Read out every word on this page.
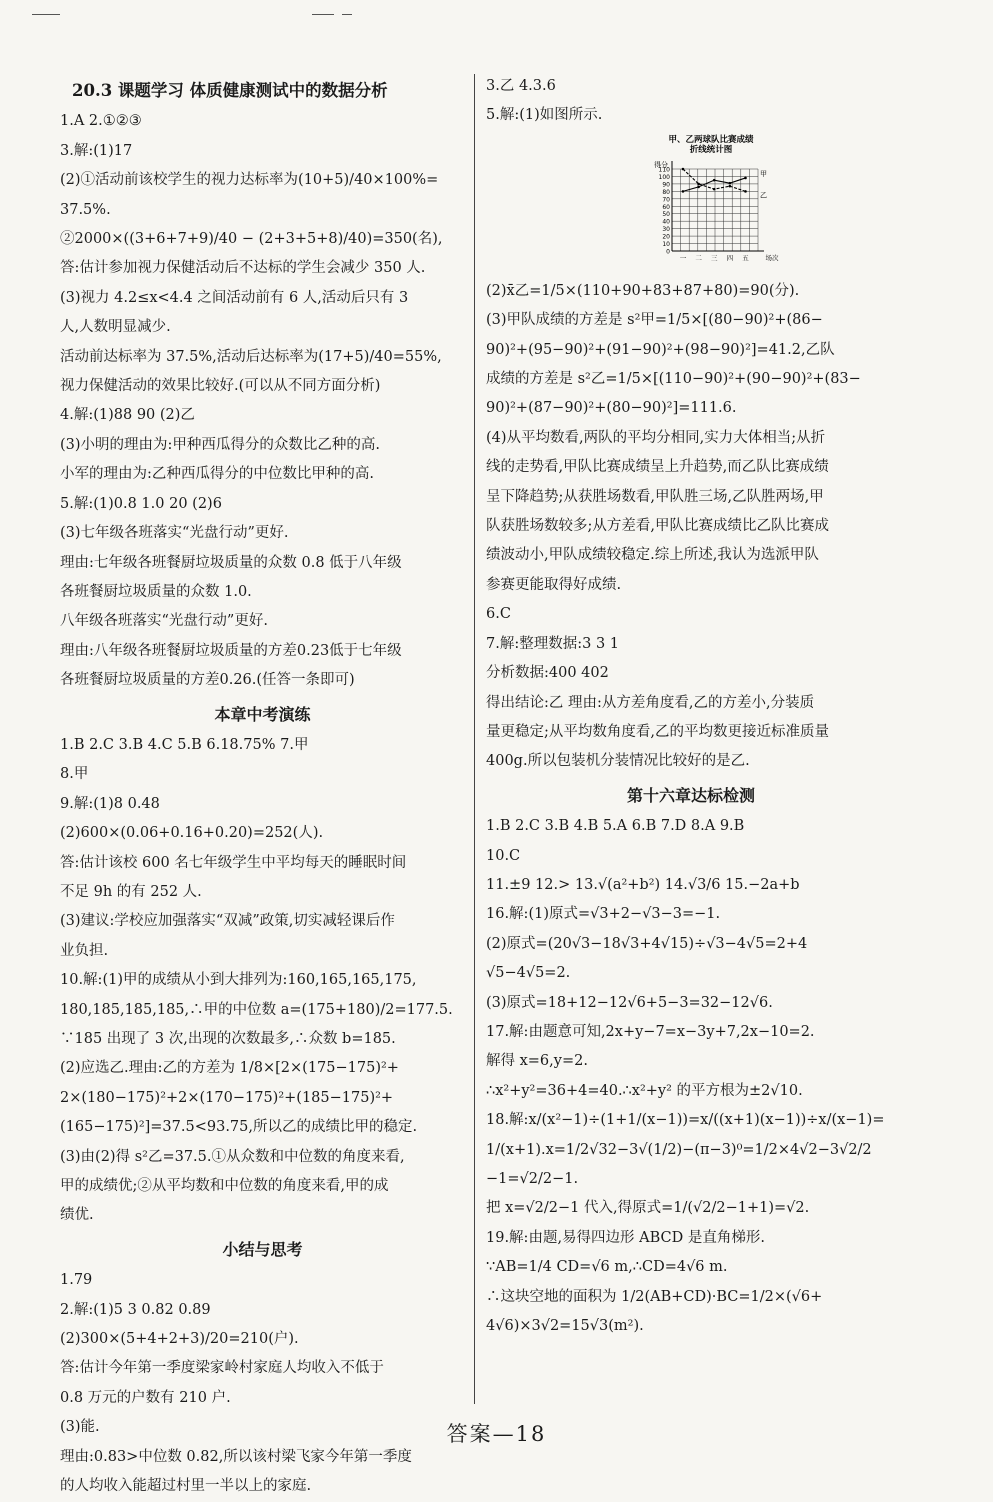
20.3 课题学习 体质健康测试中的数据分析
1.A 2.①②③
3.解:(1)17
(2)①活动前该校学生的视力达标率为(10+5)/40×100%=
37.5%.
②2000×((3+6+7+9)/40 − (2+3+5+8)/40)=350(名),
答:估计参加视力保健活动后不达标的学生会减少 350 人.
(3)视力 4.2≤x<4.4 之间活动前有 6 人,活动后只有 3
人,人数明显减少.
活动前达标率为 37.5%,活动后达标率为(17+5)/40=55%,
视力保健活动的效果比较好.(可以从不同方面分析)
4.解:(1)88 90 (2)乙
(3)小明的理由为:甲种西瓜得分的众数比乙种的高.
小军的理由为:乙种西瓜得分的中位数比甲种的高.
5.解:(1)0.8 1.0 20 (2)6
(3)七年级各班落实“光盘行动”更好.
理由:七年级各班餐厨垃圾质量的众数 0.8 低于八年级
各班餐厨垃圾质量的众数 1.0.
八年级各班落实“光盘行动”更好.
理由:八年级各班餐厨垃圾质量的方差0.23低于七年级
各班餐厨垃圾质量的方差0.26.(任答一条即可)
本章中考演练
1.B 2.C 3.B 4.C 5.B 6.18.75% 7.甲
8.甲
9.解:(1)8 0.48
(2)600×(0.06+0.16+0.20)=252(人).
答:估计该校 600 名七年级学生中平均每天的睡眠时间
不足 9h 的有 252 人.
(3)建议:学校应加强落实“双减”政策,切实减轻课后作
业负担.
10.解:(1)甲的成绩从小到大排列为:160,165,165,175,
180,185,185,185,∴甲的中位数 a=(175+180)/2=177.5.
∵185 出现了 3 次,出现的次数最多,∴众数 b=185.
(2)应选乙.理由:乙的方差为 1/8×[2×(175−175)²+
2×(180−175)²+2×(170−175)²+(185−175)²+
(165−175)²]=37.5<93.75,所以乙的成绩比甲的稳定.
(3)由(2)得 s²乙=37.5.①从众数和中位数的角度来看,
甲的成绩优;②从平均数和中位数的角度来看,甲的成
绩优.
小结与思考
1.79
2.解:(1)5 3 0.82 0.89
(2)300×(5+4+2+3)/20=210(户).
答:估计今年第一季度梁家岭村家庭人均收入不低于
0.8 万元的户数有 210 户.
(3)能.
理由:0.83>中位数 0.82,所以该村梁飞家今年第一季度
的人均收入能超过村里一半以上的家庭.
3.乙 4.3.6
5.解:(1)如图所示.
甲、乙两球队比赛成绩
折线统计图
0
10
20
30
40
50
60
70
80
90
100
110
得分
一 二 三 四 五	场次
甲
乙
(2)x̄乙=1/5×(110+90+83+87+80)=90(分).
(3)甲队成绩的方差是 s²甲=1/5×[(80−90)²+(86−
90)²+(95−90)²+(91−90)²+(98−90)²]=41.2,乙队
成绩的方差是 s²乙=1/5×[(110−90)²+(90−90)²+(83−
90)²+(87−90)²+(80−90)²]=111.6.
(4)从平均数看,两队的平均分相同,实力大体相当;从折
线的走势看,甲队比赛成绩呈上升趋势,而乙队比赛成绩
呈下降趋势;从获胜场数看,甲队胜三场,乙队胜两场,甲
队获胜场数较多;从方差看,甲队比赛成绩比乙队比赛成
绩波动小,甲队成绩较稳定.综上所述,我认为选派甲队
参赛更能取得好成绩.
6.C
7.解:整理数据:3 3 1
分析数据:400 402
得出结论:乙 理由:从方差角度看,乙的方差小,分装质
量更稳定;从平均数角度看,乙的平均数更接近标准质量
400g.所以包装机分装情况比较好的是乙.
第十六章达标检测
1.B 2.C 3.B 4.B 5.A 6.B 7.D 8.A 9.B
10.C
11.±9 12.> 13.√(a²+b²) 14.√3/6 15.−2a+b
16.解:(1)原式=√3+2−√3−3=−1.
(2)原式=(20√3−18√3+4√15)÷√3−4√5=2+4
√5−4√5=2.
(3)原式=18+12−12√6+5−3=32−12√6.
17.解:由题意可知,2x+y−7=x−3y+7,2x−10=2.
解得 x=6,y=2.
∴x²+y²=36+4=40.∴x²+y² 的平方根为±2√10.
18.解:x/(x²−1)÷(1+1/(x−1))=x/((x+1)(x−1))÷x/(x−1)=
1/(x+1).x=1/2√32−3√(1/2)−(π−3)⁰=1/2×4√2−3√2/2
−1=√2/2−1.
把 x=√2/2−1 代入,得原式=1/(√2/2−1+1)=√2.
19.解:由题,易得四边形 ABCD 是直角梯形.
∵AB=1/4 CD=√6 m,∴CD=4√6 m.
∴这块空地的面积为 1/2(AB+CD)·BC=1/2×(√6+
4√6)×3√2=15√3(m²).
答案—18
